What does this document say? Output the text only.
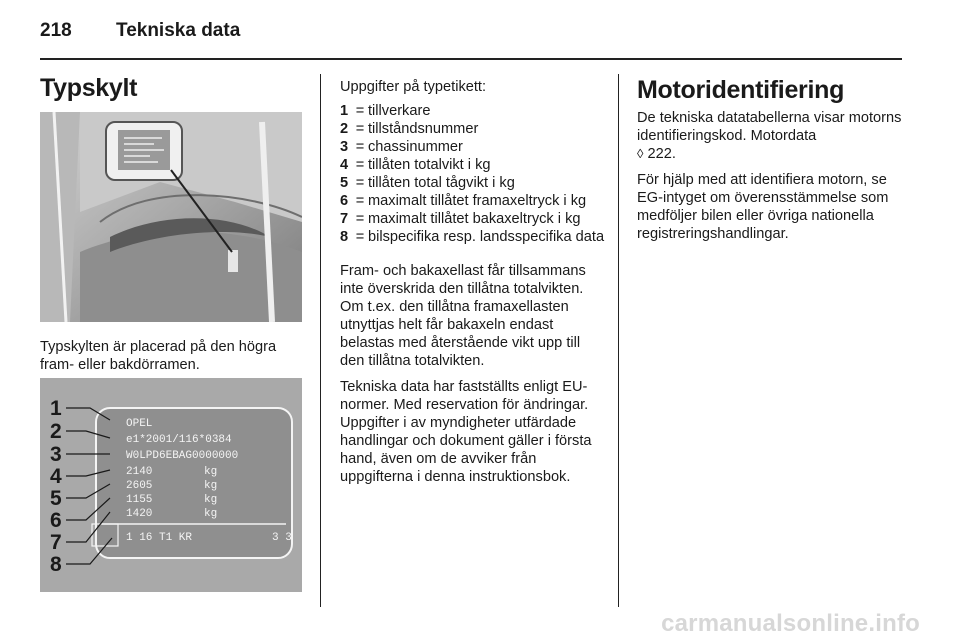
218 Tekniska data
Typskylt
Typskylten är placerad på den högra fram- eller bakdörramen.
OPEL
e1*2001/116*0384
W0LPD6EBAG0000000
2140
2605
1155
1420
kg
kg
kg
kg
1 16 T1 KR	3 3
1
2
3
4
5
6
7
8
Uppgifter på typetikett:
1 = tillverkare
2 = tillståndsnummer
3 = chassinummer
4 = tillåten totalvikt i kg
5 = tillåten total tågvikt i kg
6 = maximalt tillåtet framaxeltryck i kg
7 = maximalt tillåtet bakaxeltryck i kg
8 = bilspecifika resp. landsspecifika data

Fram- och bakaxellast får tillsammans inte överskrida den tillåtna totalvikten. Om t.ex. den tillåtna framaxellasten utnyttjas helt får bakaxeln endast belastas med återstående vikt upp till den tillåtna totalvikten.

Tekniska data har fastställts enligt EU-normer. Med reservation för ändringar. Uppgifter i av myndigheter utfärdade handlingar och dokument gäller i första hand, även om de avviker från uppgifterna i denna instruktionsbok.

Motoridentifiering

De tekniska datatabellerna visar motorns identifieringskod. Motordata
◊ 222.

För hjälp med att identifiera motorn, se EG-intyget om överensstämmelse som medföljer bilen eller övriga nationella registreringshandlingar.

carmanualsonline.info
